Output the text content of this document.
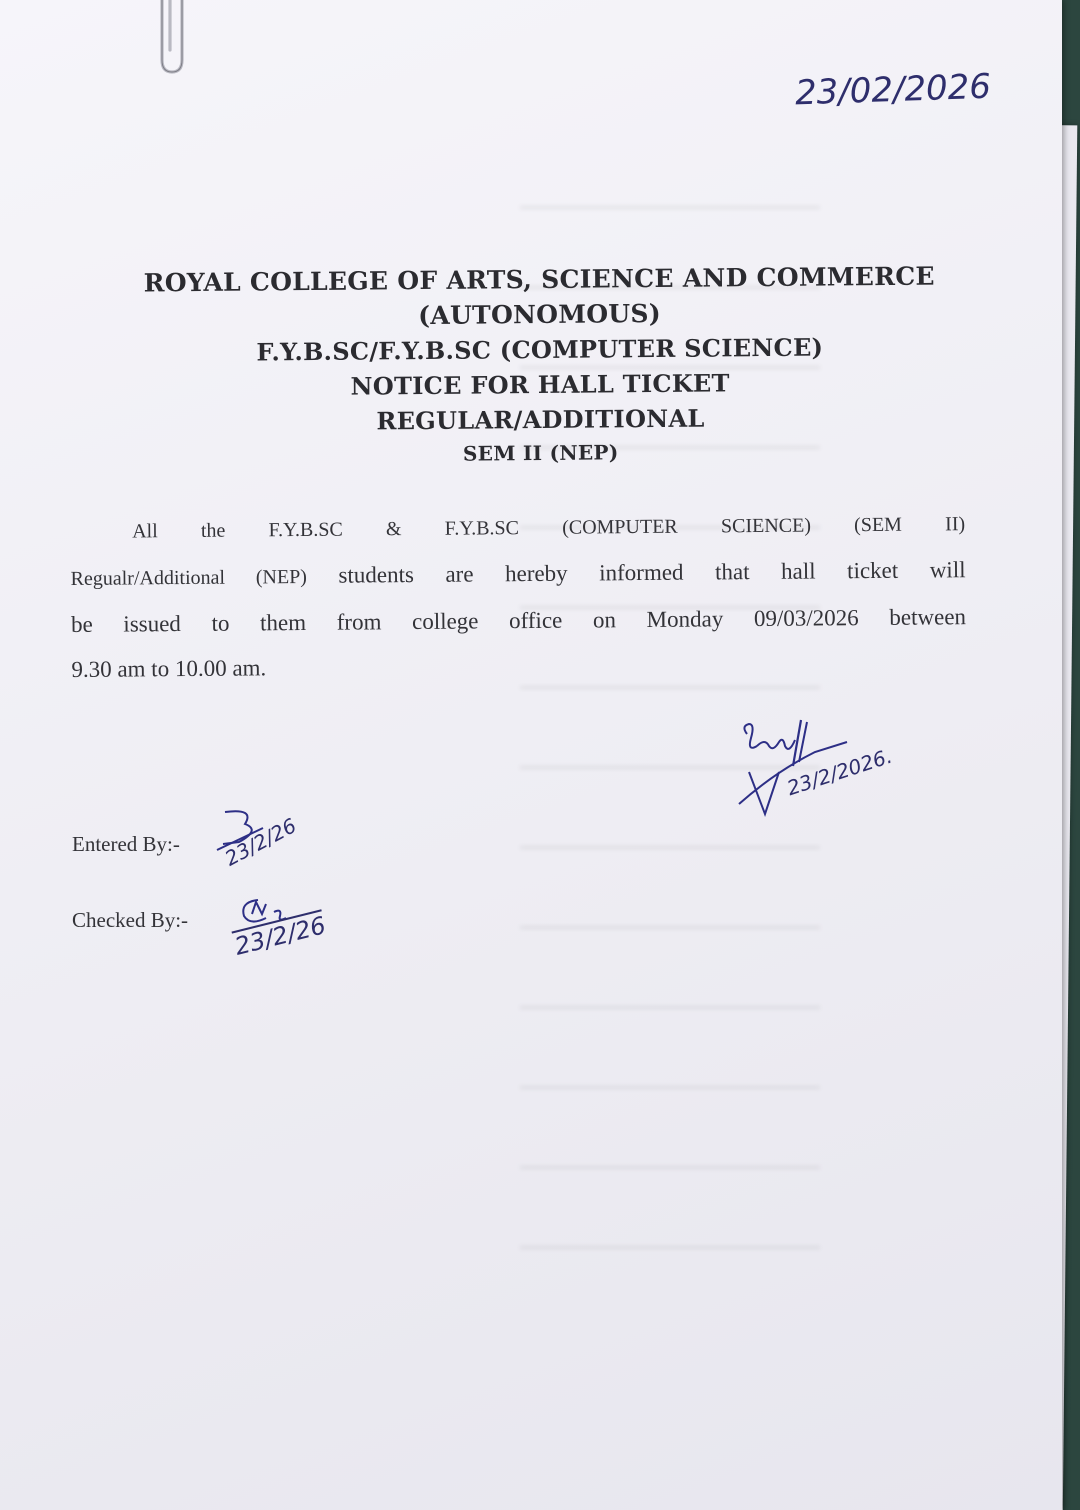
23/02/2026
ROYAL COLLEGE OF ARTS, SCIENCE AND COMMERCE
(AUTONOMOUS)
F.Y.B.SC/F.Y.B.SC (COMPUTER SCIENCE)
NOTICE FOR HALL TICKET
REGULAR/ADDITIONAL
SEM II (NEP)
All the F.Y.B.SC & F.Y.B.SC (COMPUTER SCIENCE) (SEM II)
Regualr/Additional (NEP) students are hereby informed that hall ticket will
be issued to them from college office on Monday 09/03/2026 between
9.30 am to 10.00 am.
23/2/2026.
Entered By:- 23/2/26
Checked By:- 23/2/26
